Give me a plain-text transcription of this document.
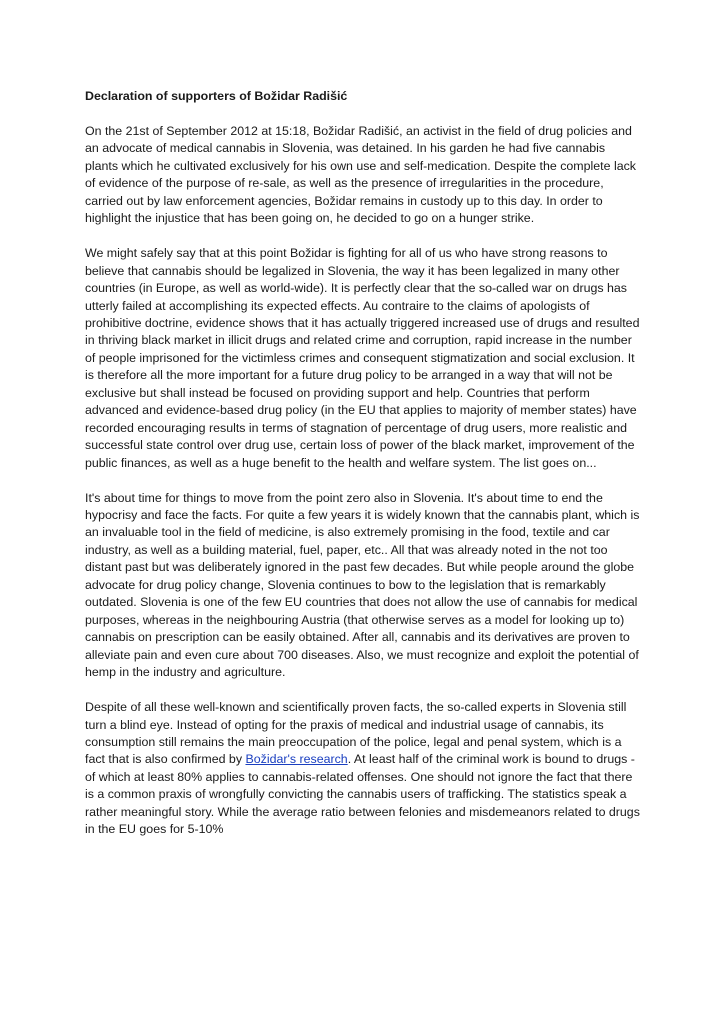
Declaration of supporters of Božidar Radišić

On the 21st of September 2012 at 15:18, Božidar Radišić, an activist in the field of drug policies and an advocate of medical cannabis in Slovenia, was detained. In his garden he had five cannabis plants which he cultivated exclusively for his own use and self-medication. Despite the complete lack of evidence of the purpose of re-sale, as well as the presence of irregularities in the procedure, carried out by law enforcement agencies, Božidar remains in custody up to this day. In order to highlight the injustice that has been going on, he decided to go on a hunger strike.

We might safely say that at this point Božidar is fighting for all of us who have strong reasons to believe that cannabis should be legalized in Slovenia, the way it has been legalized in many other countries (in Europe, as well as world-wide). It is perfectly clear that the so-called war on drugs has utterly failed at accomplishing its expected effects. Au contraire to the claims of apologists of prohibitive doctrine, evidence shows that it has actually triggered increased use of drugs and resulted in thriving black market in illicit drugs and related crime and corruption, rapid increase in the number of people imprisoned for the victimless crimes and consequent stigmatization and social exclusion. It is therefore all the more important for a future drug policy to be arranged in a way that will not be exclusive but shall instead be focused on providing support and help. Countries that perform advanced and evidence-based drug policy (in the EU that applies to majority of member states) have recorded encouraging results in terms of stagnation of percentage of drug users, more realistic and successful state control over drug use, certain loss of power of the black market, improvement of the public finances, as well as a huge benefit to the health and welfare system. The list goes on...

It's about time for things to move from the point zero also in Slovenia. It's about time to end the hypocrisy and face the facts. For quite a few years it is widely known that the cannabis plant, which is an invaluable tool in the field of medicine, is also extremely promising in the food, textile and car industry, as well as a building material, fuel, paper, etc.. All that was already noted in the not too distant past but was deliberately ignored in the past few decades. But while people around the globe advocate for drug policy change, Slovenia continues to bow to the legislation that is remarkably outdated. Slovenia is one of the few EU countries that does not allow the use of cannabis for medical purposes, whereas in the neighbouring Austria (that otherwise serves as a model for looking up to) cannabis on prescription can be easily obtained. After all, cannabis and its derivatives are proven to alleviate pain and even cure about 700 diseases. Also, we must recognize and exploit the potential of hemp in the industry and agriculture.

Despite of all these well-known and scientifically proven facts, the so-called experts in Slovenia still turn a blind eye. Instead of opting for the praxis of medical and industrial usage of cannabis, its consumption still remains the main preoccupation of the police, legal and penal system, which is a fact that is also confirmed by Božidar's research. At least half of the criminal work is bound to drugs - of which at least 80% applies to cannabis-related offenses. One should not ignore the fact that there is a common praxis of wrongfully convicting the cannabis users of trafficking. The statistics speak a rather meaningful story. While the average ratio between felonies and misdemeanors related to drugs in the EU goes for 5-10%
